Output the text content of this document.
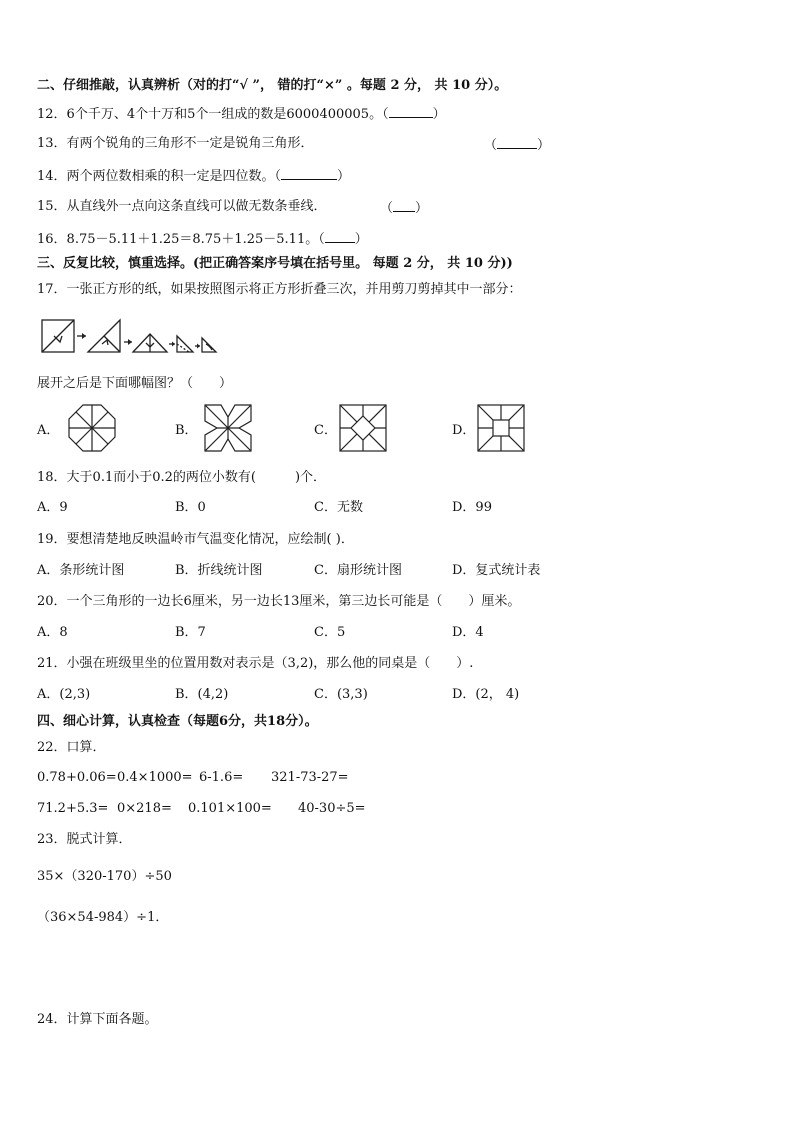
二、仔细推敲，认真辨析（对的打“√ ”， 错的打“×” 。每题 2 分， 共 10 分）。
12．6个千万、4个十万和5个一组成的数是6000400005。（	）
13．有两个锐角的三角形不一定是锐角三角形．	（	）
14．两个两位数相乘的积一定是四位数。（	）
15．从直线外一点向这条直线可以做无数条垂线．	（ ）
16．8.75－5.11＋1.25＝8.75＋1.25－5.11。（ ）
三、反复比较，慎重选择。(把正确答案序号填在括号里。 每题 2 分， 共 10 分))
17．一张正方形的纸，如果按照图示将正方形折叠三次，并用剪刀剪掉其中一部分：
展开之后是下面哪幅图？（　　）
A．	B．	C．	D．
18．大于0.1而小于0.2的两位小数有(　　　)个．
A．9	B．0	C．无数	D．99
19．要想清楚地反映温岭市气温变化情况，应绘制( )．
A．条形统计图	B．折线统计图	C．扇形统计图	D．复式统计表
20．一个三角形的一边长6厘米，另一边长13厘米，第三边长可能是（　　）厘米。
A．8	B．7	C．5	D．4
21．小强在班级里坐的位置用数对表示是（3,2)，那么他的同桌是（　　）.
A．(2,3)	B．(4,2)	C．(3,3)	D．(2， 4)
四、细心计算，认真检查（每题6分，共18分）。
22．口算．
0.78+0.06= 0.4×1000= 6-1.6= 321-73-27=
71.2+5.3= 0×218= 0.101×100= 40-30÷5=
23．脱式计算．
35×（320-170）÷50
（36×54-984）÷1．
24．计算下面各题。
